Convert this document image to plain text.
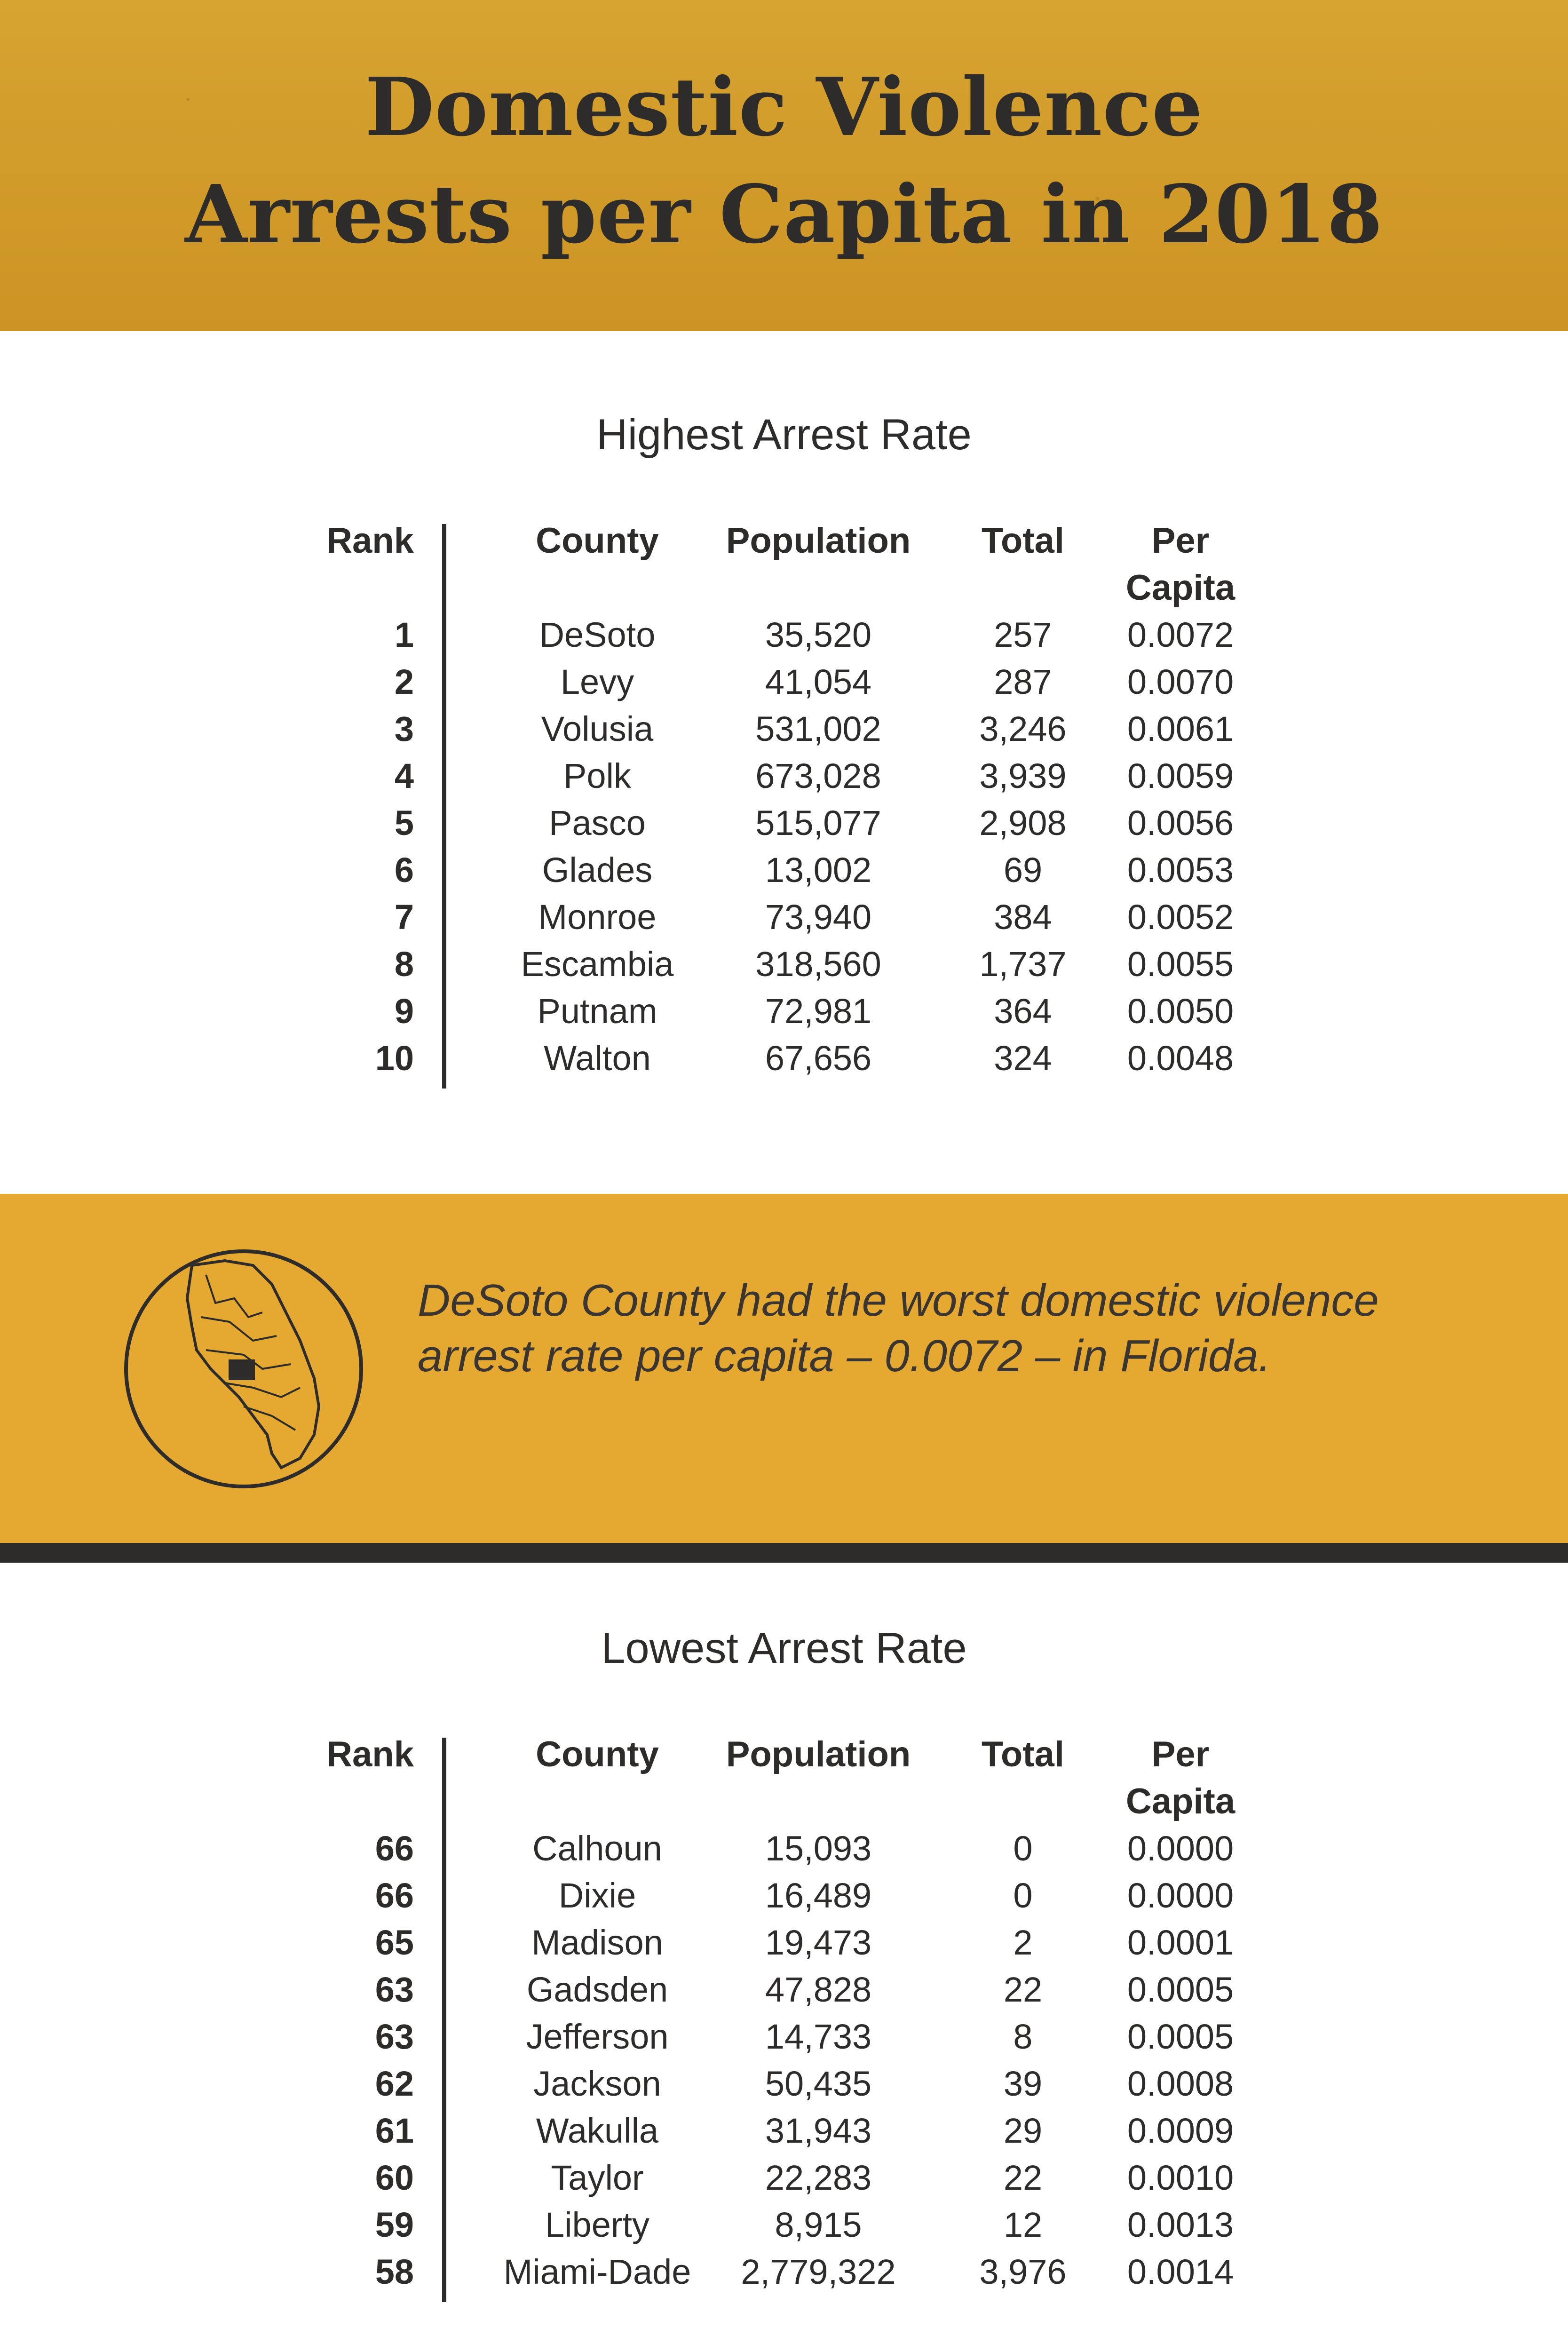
Domestic Violence
Arrests per Capita in 2018
Highest Arrest Rate
Rank	County	Population	Total	Per
Capita
1	DeSoto	35,520	257	0.0072
2	Levy	41,054	287	0.0070
3	Volusia	531,002	3,246	0.0061
4	Polk	673,028	3,939	0.0059
5	Pasco	515,077	2,908	0.0056
6	Glades	13,002	69	0.0053
7	Monroe	73,940	384	0.0052
8	Escambia	318,560	1,737	0.0055
9	Putnam	72,981	364	0.0050
10	Walton	67,656	324	0.0048
DeSoto County had the worst domestic violence arrest rate per capita – 0.0072 – in Florida.
Lowest Arrest Rate
Rank	County	Population	Total	Per
Capita
66	Calhoun	15,093	0	0.0000
66	Dixie	16,489	0	0.0000
65	Madison	19,473	2	0.0001
63	Gadsden	47,828	22	0.0005
63	Jefferson	14,733	8	0.0005
62	Jackson	50,435	39	0.0008
61	Wakulla	31,943	29	0.0009
60	Taylor	22,283	22	0.0010
59	Liberty	8,915	12	0.0013
58	Miami-Dade	2,779,322	3,976	0.0014
